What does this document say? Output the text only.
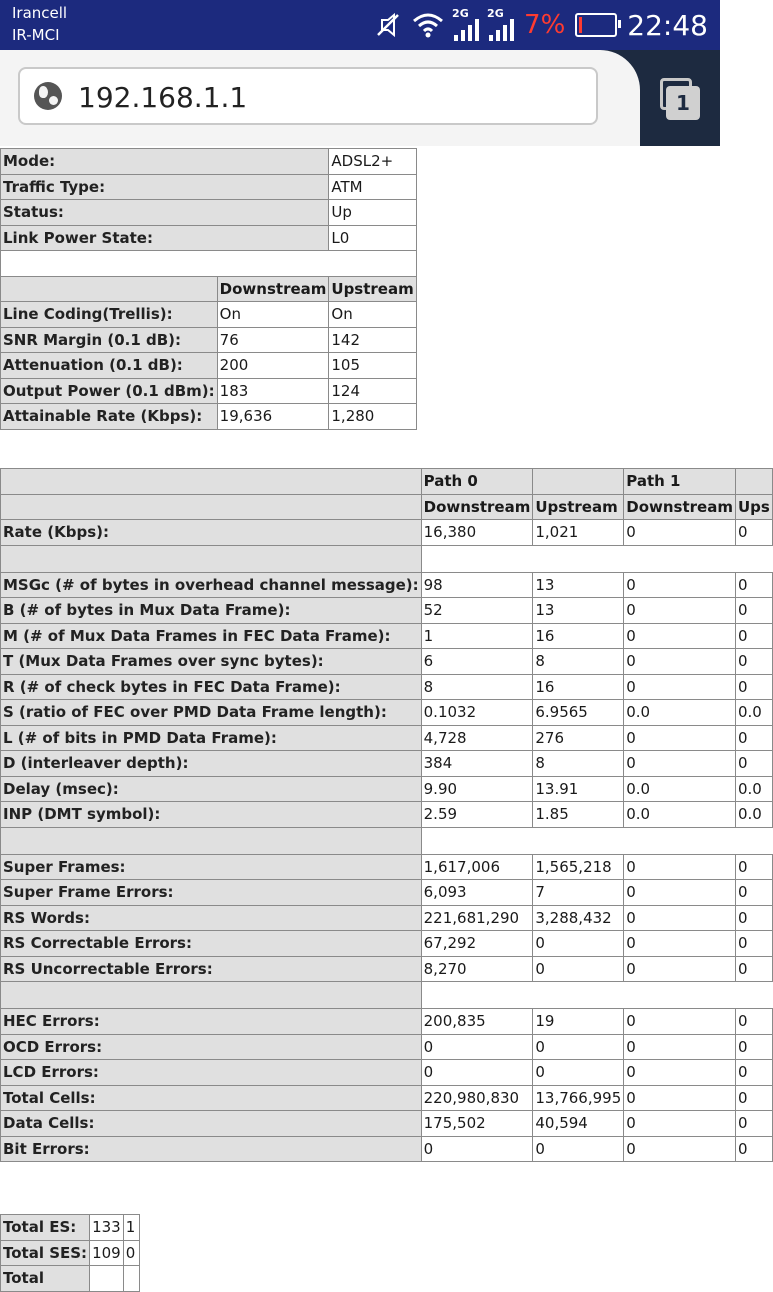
Irancell
IR-MCI
2G 2G 7% 22:48
192.168.1.1	1
Mode:		ADSL2+
Traffic Type:		ATM
Status:		Up
Link Power State:		L0

	Downstream	Upstream
Line Coding(Trellis):	On	On
SNR Margin (0.1 dB):	76	142
Attenuation (0.1 dB):	200	105
Output Power (0.1 dBm):	183	124
Attainable Rate (Kbps):	19,636	1,280
	Path 0		Path 1	
	Downstream	Upstream	Downstream	Ups
Rate (Kbps):	16,380	1,021	0	0

MSGc (# of bytes in overhead channel message):	98	13	0	0
B (# of bytes in Mux Data Frame):	52	13	0	0
M (# of Mux Data Frames in FEC Data Frame):	1	16	0	0
T (Mux Data Frames over sync bytes):	6	8	0	0
R (# of check bytes in FEC Data Frame):	8	16	0	0
S (ratio of FEC over PMD Data Frame length):	0.1032	6.9565	0.0	0.0
L (# of bits in PMD Data Frame):	4,728	276	0	0
D (interleaver depth):	384	8	0	0
Delay (msec):	9.90	13.91	0.0	0.0
INP (DMT symbol):	2.59	1.85	0.0	0.0

Super Frames:	1,617,006	1,565,218	0	0
Super Frame Errors:	6,093	7	0	0
RS Words:	221,681,290	3,288,432	0	0
RS Correctable Errors:	67,292	0	0	0
RS Uncorrectable Errors:	8,270	0	0	0

HEC Errors:	200,835	19	0	0
OCD Errors:	0	0	0	0
LCD Errors:	0	0	0	0
Total Cells:	220,980,830	13,766,995	0	0
Data Cells:	175,502	40,594	0	0
Bit Errors:	0	0	0	0
Total ES:	133	1
Total SES:	109	0
Total		
